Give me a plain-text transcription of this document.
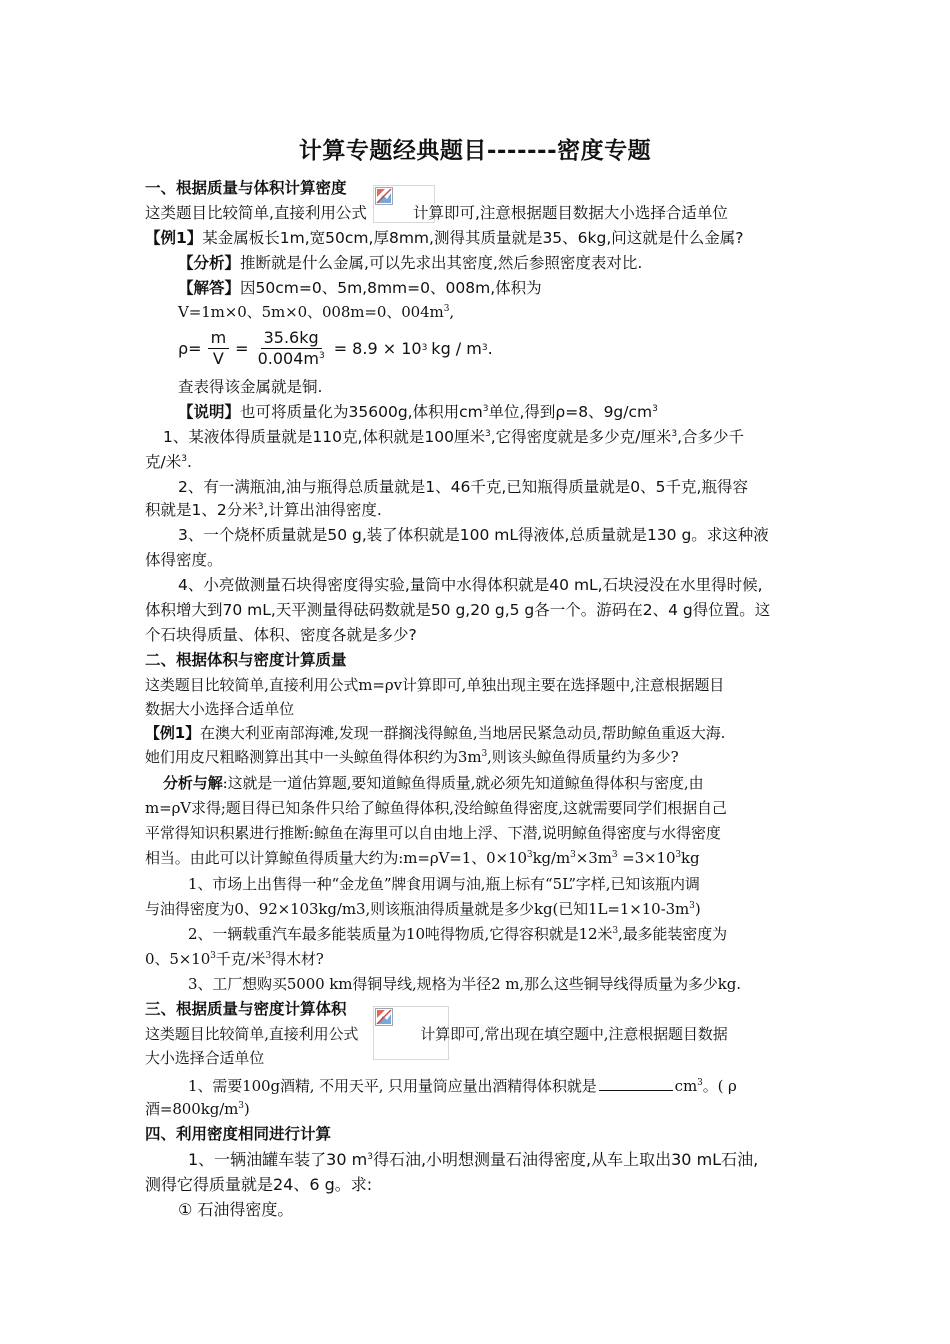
计算专题经典题目-------密度专题
一、根据质量与体积计算密度
这类题目比较简单,直接利用公式	计算即可,注意根据题目数据大小选择合适单位
【例1】某金属板长1m,宽50cm,厚8mm,测得其质量就是35、6kg,问这就是什么金属?
【分析】推断就是什么金属,可以先求出其密度,然后参照密度表对比.
【解答】因50cm=0、5m,8mm=0、008m,体积为
V=1m×0、5m×0、008m=0、$004m^3$,
$\rho= \frac{m}{V} = \frac{35.6kg}{0.004m^3} = 8.9 \times 10$ 3 kg / m 3 .
查表得该金属就是铜.
【说明】也可将质量化为35600g,体积用$cm^3$单位,得到ρ=8、$9g/cm^3$
1、某液体得质量就是110克,体积就是100厘米$^3$,它得密度就是多少克/厘米$^3$,合多少千
克/米$^3$.
2、有一满瓶油,油与瓶得总质量就是1、46千克,已知瓶得质量就是0、5千克,瓶得容
积就是1、2分米$^3$,计算出油得密度.
3、一个烧杯质量就是50 g,装了体积就是100 mL得液体,总质量就是130 g。求这种液
体得密度。
4、小亮做测量石块得密度得实验,量筒中水得体积就是40 mL,石块浸没在水里得时候,
体积增大到70 mL,天平测量得砝码数就是50 g,20 g,5 g各一个。游码在2、4 g得位置。这
个石块得质量、体积、密度各就是多少?
二、根据体积与密度计算质量
这类题目比较简单,直接利用公式m=ρv计算即可,单独出现主要在选择题中,注意根据题目
数据大小选择合适单位
【例1】在澳大利亚南部海滩,发现一群搁浅得鲸鱼,当地居民紧急动员,帮助鲸鱼重返大海.
她们用皮尺粗略测算出其中一头鲸鱼得体积约为$3m^3$,则该头鲸鱼得质量约为多少?
分析与解:这就是一道估算题,要知道鲸鱼得质量,就必须先知道鲸鱼得体积与密度,由
m=ρV求得;题目得已知条件只给了鲸鱼得体积,没给鲸鱼得密度,这就需要同学们根据自己
平常得知识积累进行推断:鲸鱼在海里可以自由地上浮、下潜,说明鲸鱼得密度与水得密度
相当。由此可以计算鲸鱼得质量大约为:m=ρV=1、$0\times 10^3kg/m^3\times 3m^3 =3\times 10^3kg$
1、市场上出售得一种“金龙鱼”牌食用调与油,瓶上标有“5L”字样,已知该瓶内调
与油得密度为0、92×103kg/m3,则该瓶油得质量就是多少kg(已知$1L=1\times 10-3m^3$)
2、一辆载重汽车最多能装质量为10吨得物质,它得容积就是12米$^3$,最多能装密度为
0、$5\times 10^3$千克/米$^3$得木材?
3、工厂想购买5000 km得铜导线,规格为半径2 m,那么这些铜导线得质量为多少kg.
三、根据质量与密度计算体积
这类题目比较简单,直接利用公式	计算即可,常出现在填空题中,注意根据题目数据
大小选择合适单位
1、需要100g酒精, 不用天平, 只用量筒应量出酒精得体积就是	$cm^3$。( ρ
酒$=800kg/m^3$)
四、利用密度相同进行计算
1、一辆油罐车装了30 $m^3$得石油,小明想测量石油得密度,从车上取出30 mL石油,
测得它得质量就是24、6 g。求:
① 石油得密度。
